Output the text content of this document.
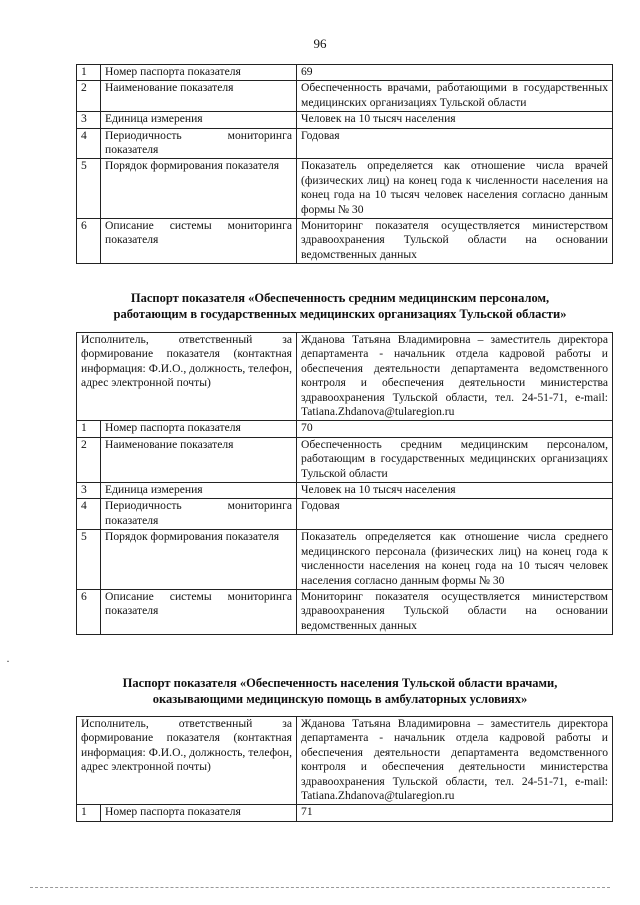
96
1	Номер паспорта показателя	69
2	Наименование показателя	Обеспеченность врачами, работающими в государственных медицинских организациях Тульской области
3	Единица измерения	Человек на 10 тысяч населения
4	Периодичность мониторинга показателя	Годовая
5	Порядок формирования показателя	Показатель определяется как отношение числа врачей (физических лиц) на конец года к численности населения на конец года на 10 тысяч человек населения согласно данным формы № 30
6	Описание системы мониторинга показателя	Мониторинг показателя осуществляется министерством здравоохранения Тульской области на основании ведомственных данных
Паспорт показателя «Обеспеченность средним медицинским персоналом,
работающим в государственных медицинских организациях Тульской области»
Исполнитель, ответственный за формирование показателя (контактная информация: Ф.И.О., должность, телефон, адрес электронной почты)		Жданова Татьяна Владимировна – заместитель директора департамента - начальник отдела кадровой работы и обеспечения деятельности департамента ведомственного контроля и обеспечения деятельности министерства здравоохранения Тульской области, тел. 24-51-71, e-mail: Tatiana.Zhdanova@tularegion.ru
1	Номер паспорта показателя	70
2	Наименование показателя	Обеспеченность средним медицинским персоналом, работающим в государственных медицинских организациях Тульской области
3	Единица измерения	Человек на 10 тысяч населения
4	Периодичность мониторинга показателя	Годовая
5	Порядок формирования показателя	Показатель определяется как отношение числа среднего медицинского персонала (физических лиц) на конец года к численности населения на конец года на 10 тысяч человек населения согласно данным формы № 30
6	Описание системы мониторинга показателя	Мониторинг показателя осуществляется министерством здравоохранения Тульской области на основании ведомственных данных
·
Паспорт показателя «Обеспеченность населения Тульской области врачами,
оказывающими медицинскую помощь в амбулаторных условиях»
Исполнитель, ответственный за формирование показателя (контактная информация: Ф.И.О., должность, телефон, адрес электронной почты)		Жданова Татьяна Владимировна – заместитель директора департамента - начальник отдела кадровой работы и обеспечения деятельности департамента ведомственного контроля и обеспечения деятельности министерства здравоохранения Тульской области, тел. 24-51-71, e-mail: Tatiana.Zhdanova@tularegion.ru
1	Номер паспорта показателя	71
